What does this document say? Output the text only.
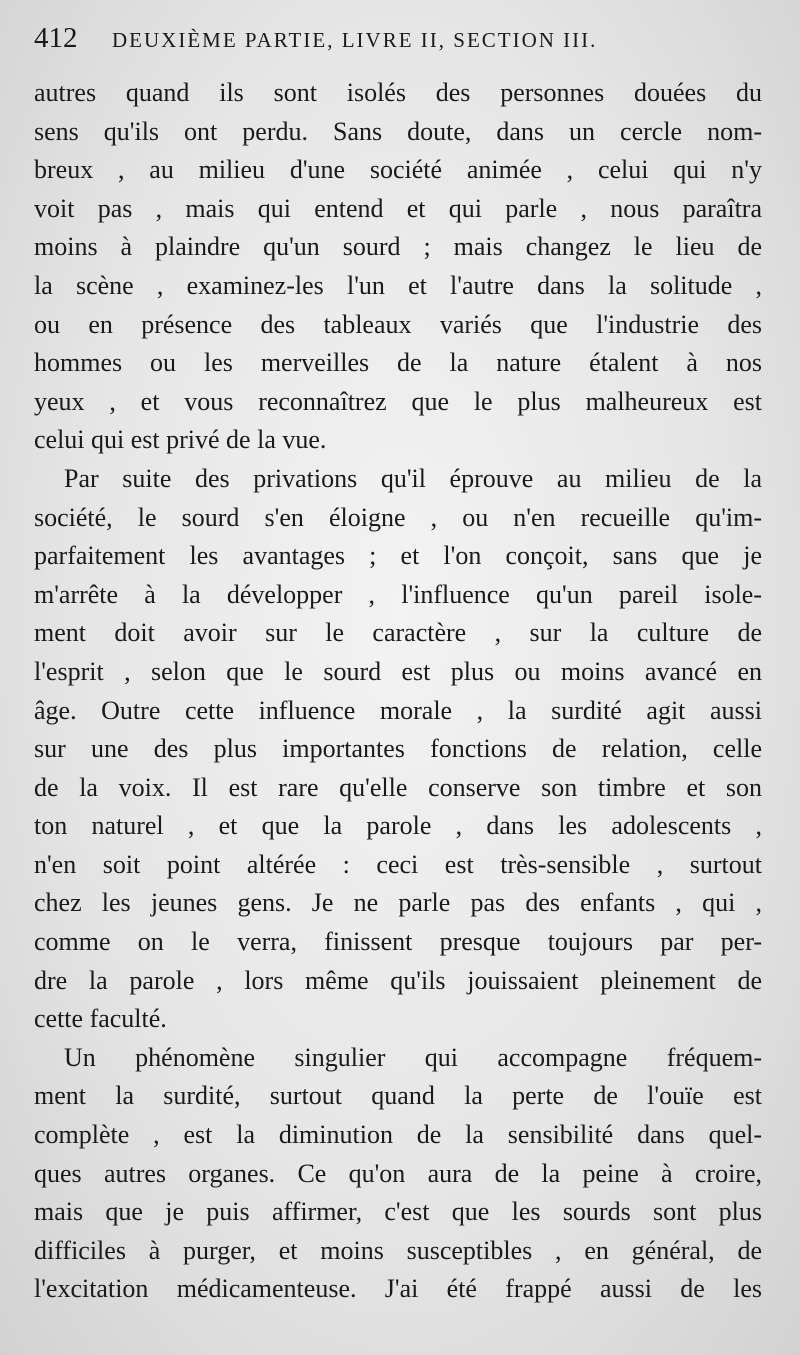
412	DEUXIÈME PARTIE, LIVRE II, SECTION III.
autres quand ils sont isolés des personnes douées du
sens qu'ils ont perdu. Sans doute, dans un cercle nom-
breux , au milieu d'une société animée , celui qui n'y
voit pas , mais qui entend et qui parle , nous paraîtra
moins à plaindre qu'un sourd ; mais changez le lieu de
la scène , examinez-les l'un et l'autre dans la solitude ,
ou en présence des tableaux variés que l'industrie des
hommes ou les merveilles de la nature étalent à nos
yeux , et vous reconnaîtrez que le plus malheureux est
celui qui est privé de la vue.
Par suite des privations qu'il éprouve au milieu de la
société, le sourd s'en éloigne , ou n'en recueille qu'im-
parfaitement les avantages ; et l'on conçoit, sans que je
m'arrête à la développer , l'influence qu'un pareil isole-
ment doit avoir sur le caractère , sur la culture de
l'esprit , selon que le sourd est plus ou moins avancé en
âge. Outre cette influence morale , la surdité agit aussi
sur une des plus importantes fonctions de relation, celle
de la voix. Il est rare qu'elle conserve son timbre et son
ton naturel , et que la parole , dans les adolescents ,
n'en soit point altérée : ceci est très-sensible , surtout
chez les jeunes gens. Je ne parle pas des enfants , qui ,
comme on le verra, finissent presque toujours par per-
dre la parole , lors même qu'ils jouissaient pleinement de
cette faculté.
Un phénomène singulier qui accompagne fréquem-
ment la surdité, surtout quand la perte de l'ouïe est
complète , est la diminution de la sensibilité dans quel-
ques autres organes. Ce qu'on aura de la peine à croire,
mais que je puis affirmer, c'est que les sourds sont plus
difficiles à purger, et moins susceptibles , en général, de
l'excitation médicamenteuse. J'ai été frappé aussi de les
